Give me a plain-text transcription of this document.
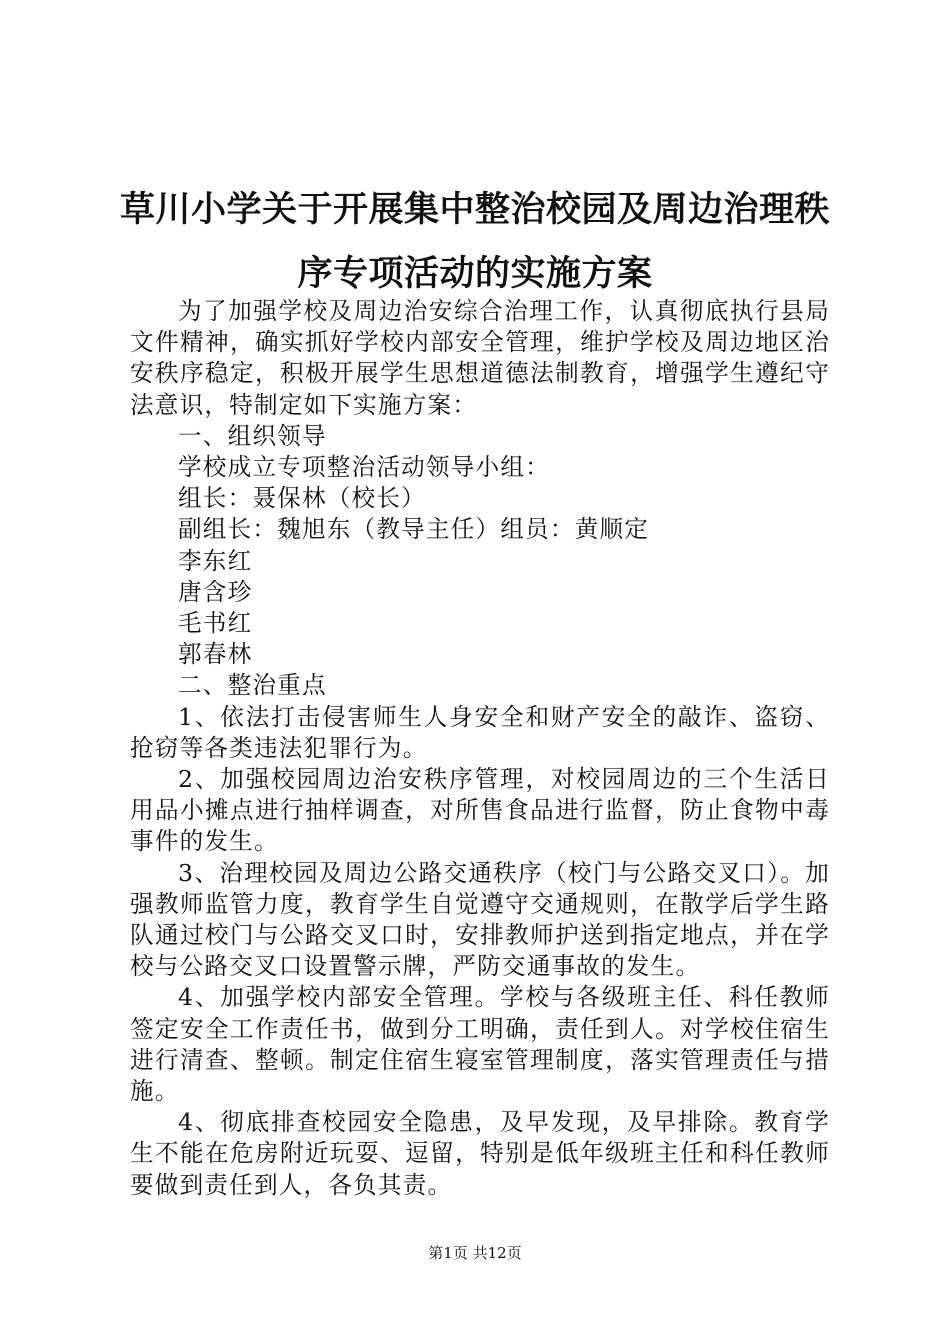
草川小学关于开展集中整治校园及周边治理秩
序专项活动的实施方案

为了加强学校及周边治安综合治理工作，认真彻底执行县局文件精神，确实抓好学校内部安全管理，维护学校及周边地区治安秩序稳定，积极开展学生思想道德法制教育，增强学生遵纪守法意识，特制定如下实施方案：

一、组织领导

学校成立专项整治活动领导小组：

组长：聂保林（校长）

副组长：魏旭东（教导主任）组员：黄顺定

李东红

唐含珍

毛书红

郭春林

二、整治重点

1、依法打击侵害师生人身安全和财产安全的敲诈、盗窃、抢窃等各类违法犯罪行为。

2、加强校园周边治安秩序管理，对校园周边的三个生活日用品小摊点进行抽样调查，对所售食品进行监督，防止食物中毒事件的发生。

3、治理校园及周边公路交通秩序（校门与公路交叉口）。加强教师监管力度，教育学生自觉遵守交通规则，在散学后学生路队通过校门与公路交叉口时，安排教师护送到指定地点，并在学校与公路交叉口设置警示牌，严防交通事故的发生。

4、加强学校内部安全管理。学校与各级班主任、科任教师签定安全工作责任书，做到分工明确，责任到人。对学校住宿生进行清查、整顿。制定住宿生寝室管理制度，落实管理责任与措施。

4、彻底排查校园安全隐患，及早发现，及早排除。教育学生不能在危房附近玩耍、逗留，特别是低年级班主任和科任教师要做到责任到人，各负其责。

第1页 共12页
